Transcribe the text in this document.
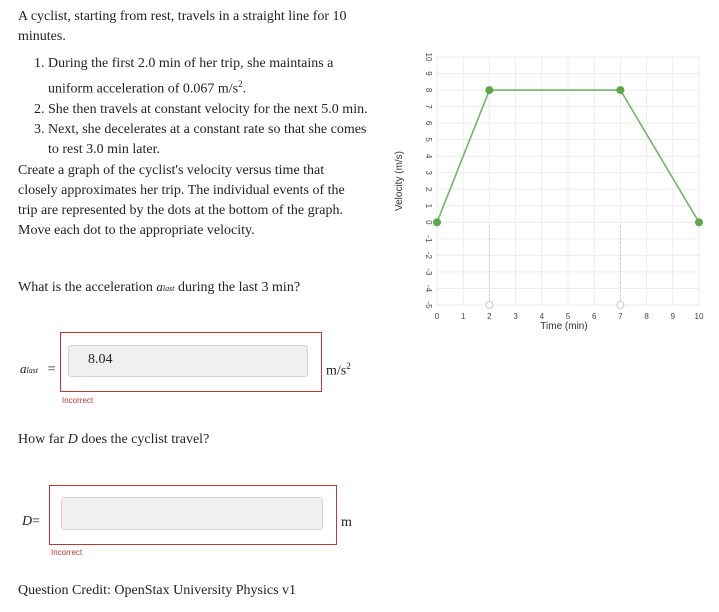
A cyclist, starting from rest, travels in a straight line for 10 minutes.
1. During the first 2.0 min of her trip, she maintains a
uniform acceleration of 0.067 $m/s^2$.
2. She then travels at constant velocity for the next 5.0 min.
3. Next, she decelerates at a constant rate so that she comes
to rest 3.0 min later.
Create a graph of the cyclist's velocity versus time that closely approximates her trip. The individual events of the trip are represented by the dots at the bottom of the graph. Move each dot to the appropriate velocity.
What is the acceleration alast during the last 3 min?
alast =
8.04
$m/s^2$
Incorrect
How far D does the cyclist travel?
D=	m
Incorrect
Question Credit: OpenStax University Physics v1
10
9
8
7
6
5
4
3
2
1
0
-1
-2
-3
-4
-5
0	1	2	3	4	5	6	7	8	9 10
Time (min)
Velocity (m/s)
